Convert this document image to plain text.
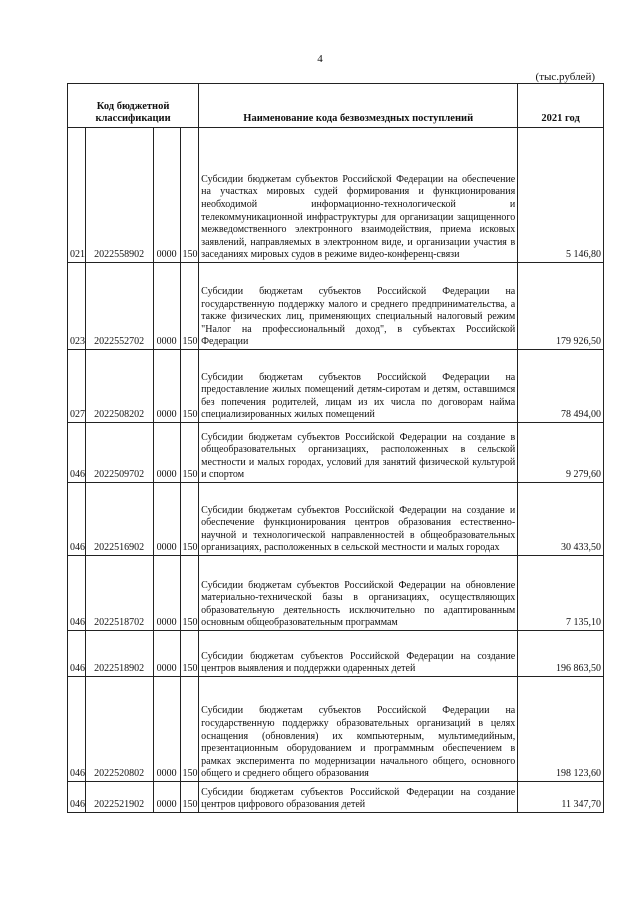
4
(тыс.рублей)
Код бюджетной классификации				Наименование кода безвозмездных поступлений	2021 год
021	2022558902	0000	150	Субсидии бюджетам субъектов Российской Федерации на обеспечение на участках мировых судей формирования и функционирования необходимой информационно-технологической и телекоммуникационной инфраструктуры для организации защищенного межведомственного электронного взаимодействия, приема исковых заявлений, направляемых в электронном виде, и организации участия в заседаниях мировых судов в режиме видео-конференц-связи	5 146,80
023	2022552702	0000	150	Субсидии бюджетам субъектов Российской Федерации на государственную поддержку малого и среднего предпринимательства, а также физических лиц, применяющих специальный налоговый режим "Налог на профессиональный доход", в субъектах Российской Федерации	179 926,50
027	2022508202	0000	150	Субсидии бюджетам субъектов Российской Федерации на предоставление жилых помещений детям-сиротам и детям, оставшимся без попечения родителей, лицам из их числа по договорам найма специализированных жилых помещений	78 494,00
046	2022509702	0000	150	Субсидии бюджетам субъектов Российской Федерации на создание в общеобразовательных организациях, расположенных в сельской местности и малых городах, условий для занятий физической культурой и спортом	9 279,60
046	2022516902	0000	150	Субсидии бюджетам субъектов Российской Федерации на создание и обеспечение функционирования центров образования естественно-научной и технологической направленностей в общеобразовательных организациях, расположенных в сельской местности и малых городах	30 433,50
046	2022518702	0000	150	Субсидии бюджетам субъектов Российской Федерации на обновление материально-технической базы в организациях, осуществляющих образовательную деятельность исключительно по адаптированным основным общеобразовательным программам	7 135,10
046	2022518902	0000	150	Субсидии бюджетам субъектов Российской Федерации на создание центров выявления и поддержки одаренных детей	196 863,50
046	2022520802	0000	150	Субсидии бюджетам субъектов Российской Федерации на государственную поддержку образовательных организаций в целях оснащения (обновления) их компьютерным, мультимедийным, презентационным оборудованием и программным обеспечением в рамках эксперимента по модернизации начального общего, основного общего и среднего общего образования	198 123,60
046	2022521902	0000	150	Субсидии бюджетам субъектов Российской Федерации на создание центров цифрового образования детей	11 347,70
